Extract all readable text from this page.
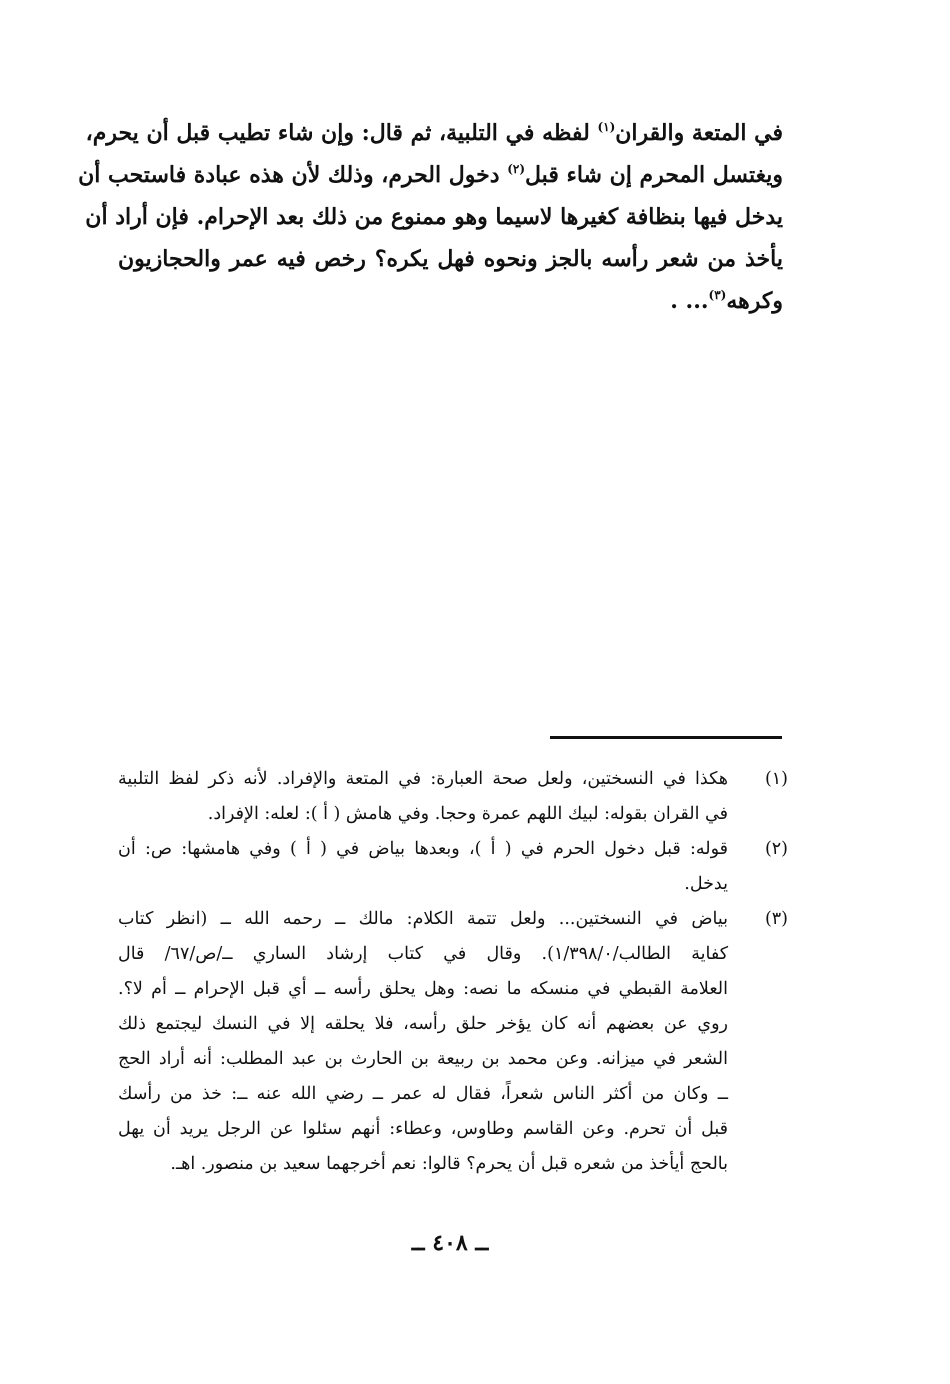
في المتعة والقران$^{(١)}$ لفظه في التلبية، ثم قال: وإن شاء تطيب قبل أن يحرم،
ويغتسل المحرم إن شاء قبل$^{(٢)}$ دخول الحرم، وذلك لأن هذه عبادة فاستحب أن
يدخل فيها بنظافة كغيرها لاسيما وهو ممنوع من ذلك بعد الإحرام. فإن أراد أن
يأخذ من شعر رأسه بالجز ونحوه فهل يكره؟ رخص فيه عمر والحجازيون
وكرهه$^{(٣)}$... .
(١)
هكذا في النسختين، ولعل صحة العبارة: في المتعة والإفراد. لأنه ذكر لفظ التلبية
في القران بقوله: لبيك اللهم عمرة وحجا. وفي هامش ( أ ): لعله: الإفراد.
(٢)
قوله: قبل دخول الحرم في ( أ )، وبعدها بياض في ( أ ) وفي هامشها: ص: أن
يدخل.
(٣)
بياض في النسختين... ولعل تتمة الكلام: مالك ــ رحمه الله ــ (انظر كتاب
كفاية الطالب/١/٣٩٨/٠). وقال في كتاب إرشاد الساري ــ/ص/٦٧/ قال
العلامة القبطي في منسكه ما نصه: وهل يحلق رأسه ــ أي قبل الإحرام ــ أم لا؟.
روي عن بعضهم أنه كان يؤخر حلق رأسه، فلا يحلقه إلا في النسك ليجتمع ذلك
الشعر في ميزانه. وعن محمد بن ربيعة بن الحارث بن عبد المطلب: أنه أراد الحج
ــ وكان من أكثر الناس شعراً، فقال له عمر ــ رضي الله عنه ــ: خذ من رأسك
قبل أن تحرم. وعن القاسم وطاوس، وعطاء: أنهم سئلوا عن الرجل يريد أن يهل
بالحج أيأخذ من شعره قبل أن يحرم؟ قالوا: نعم أخرجهما سعيد بن منصور. اهـ.
ــ ٤٠٨ ــ
